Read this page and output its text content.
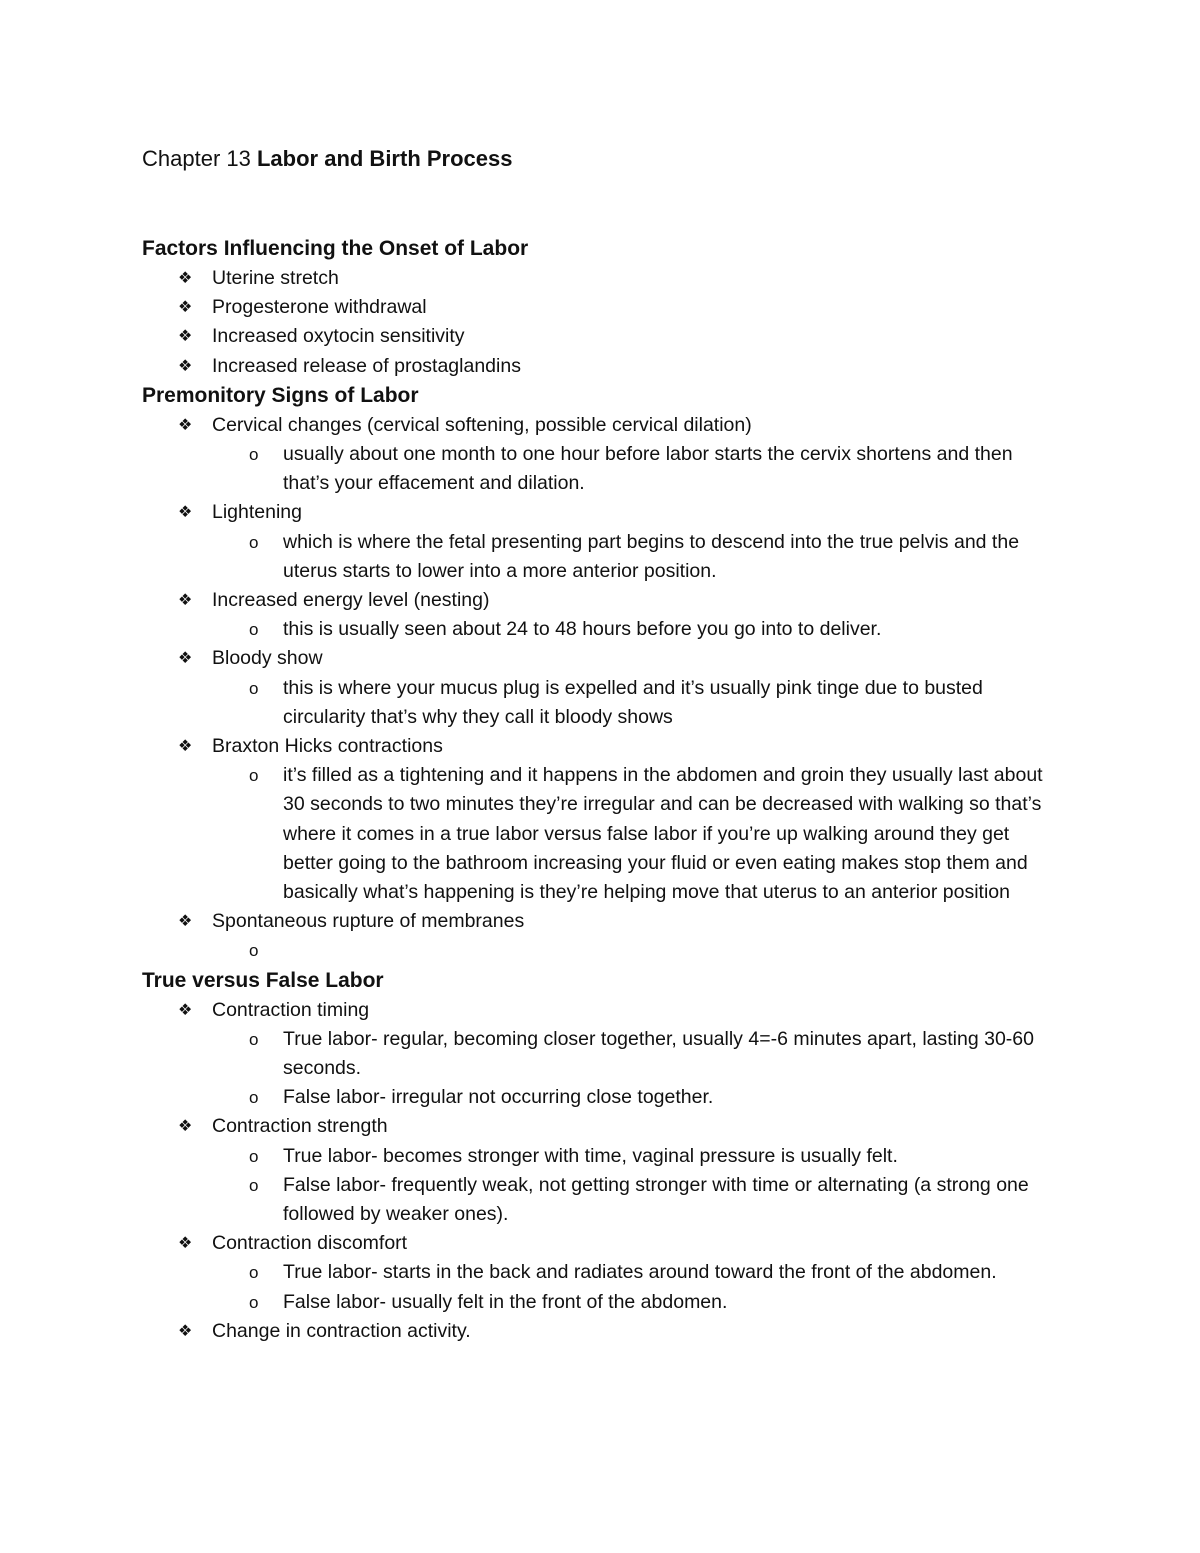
Chapter 13 Labor and Birth Process
Factors Influencing the Onset of Labor
❖ Uterine stretch
❖ Progesterone withdrawal
❖ Increased oxytocin sensitivity
❖ Increased release of prostaglandins
Premonitory Signs of Labor
❖ Cervical changes (cervical softening, possible cervical dilation)
o usually about one month to one hour before labor starts the cervix shortens and then that’s your effacement and dilation.
❖ Lightening
o which is where the fetal presenting part begins to descend into the true pelvis and the uterus starts to lower into a more anterior position.
❖ Increased energy level (nesting)
o this is usually seen about 24 to 48 hours before you go into to deliver.
❖ Bloody show
o this is where your mucus plug is expelled and it’s usually pink tinge due to busted circularity that’s why they call it bloody shows
❖ Braxton Hicks contractions
o it’s filled as a tightening and it happens in the abdomen and groin they usually last about 30 seconds to two minutes they’re irregular and can be decreased with walking so that’s where it comes in a true labor versus false labor if you’re up walking around they get better going to the bathroom increasing your fluid or even eating makes stop them and basically what’s happening is they’re helping move that uterus to an anterior position
❖ Spontaneous rupture of membranes
o
True versus False Labor
❖ Contraction timing
o True labor- regular, becoming closer together, usually 4=-6 minutes apart, lasting 30-60 seconds.
o False labor- irregular not occurring close together.
❖ Contraction strength
o True labor- becomes stronger with time, vaginal pressure is usually felt.
o False labor- frequently weak, not getting stronger with time or alternating (a strong one followed by weaker ones).
❖ Contraction discomfort
o True labor- starts in the back and radiates around toward the front of the abdomen.
o False labor- usually felt in the front of the abdomen.
❖ Change in contraction activity.
